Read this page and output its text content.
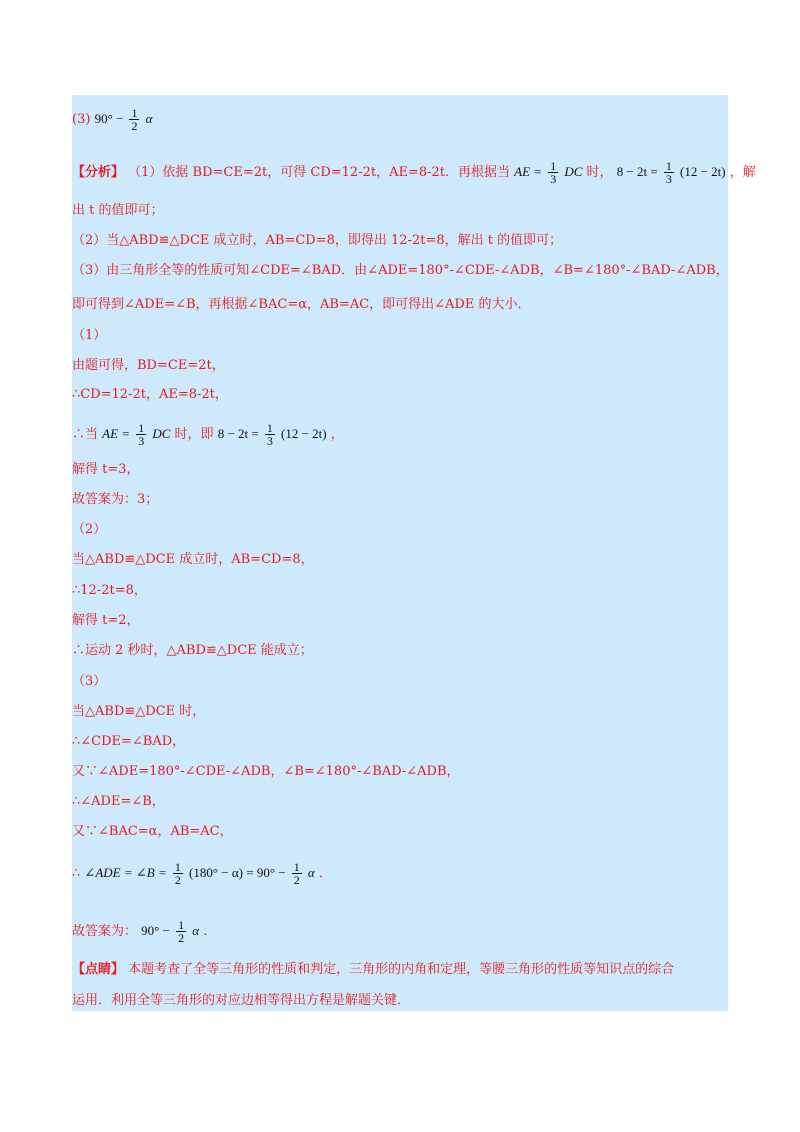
(3) $90^\circ - \frac{1}{2}$ α
【分析】 （1）依据 BD=CE=2t，可得 CD=12-2t，AE=8-2t．再根据当 AE = $\frac{1}{3}$ DC 时， $8 - 2t = \frac{1}{3} (12 - 2t)$ ，解
出 t 的值即可；
（2）当△ABD≌△DCE 成立时，AB=CD=8，即得出 12-2t=8，解出 t 的值即可；
（3）由三角形全等的性质可知∠CDE=∠BAD．由∠ADE=180°-∠CDE-∠ADB，∠B=∠180°-∠BAD-∠ADB，
即可得到∠ADE=∠B，再根据∠BAC=α，AB=AC，即可得出∠ADE 的大小．
（1）
由题可得，BD=CE=2t，
∴CD=12-2t，AE=8-2t，
∴当 AE = $\frac{1}{3}$ DC 时，即 $8 - 2t = \frac{1}{3} (12 - 2t)$ ，
解得 t=3，
故答案为：3；
（2）
当△ABD≌△DCE 成立时，AB=CD=8，
∴12-2t=8，
解得 t=2，
∴运动 2 秒时，△ABD≌△DCE 能成立；
（3）
当△ABD≌△DCE 时，
∴∠CDE=∠BAD，
又∵∠ADE=180°-∠CDE-∠ADB，∠B=∠180°-∠BAD-∠ADB，
∴∠ADE=∠B，
又∵∠BAC=α，AB=AC，
∴ ∠ADE = ∠B = $\frac{1}{2} (180^\circ - \alpha) = 90^\circ - \frac{1}{2}$ α ．
故答案为： $90^\circ - \frac{1}{2}$ α ．
【点睛】 本题考查了全等三角形的性质和判定，三角形的内角和定理，等腰三角形的性质等知识点的综合
运用．利用全等三角形的对应边相等得出方程是解题关键．
